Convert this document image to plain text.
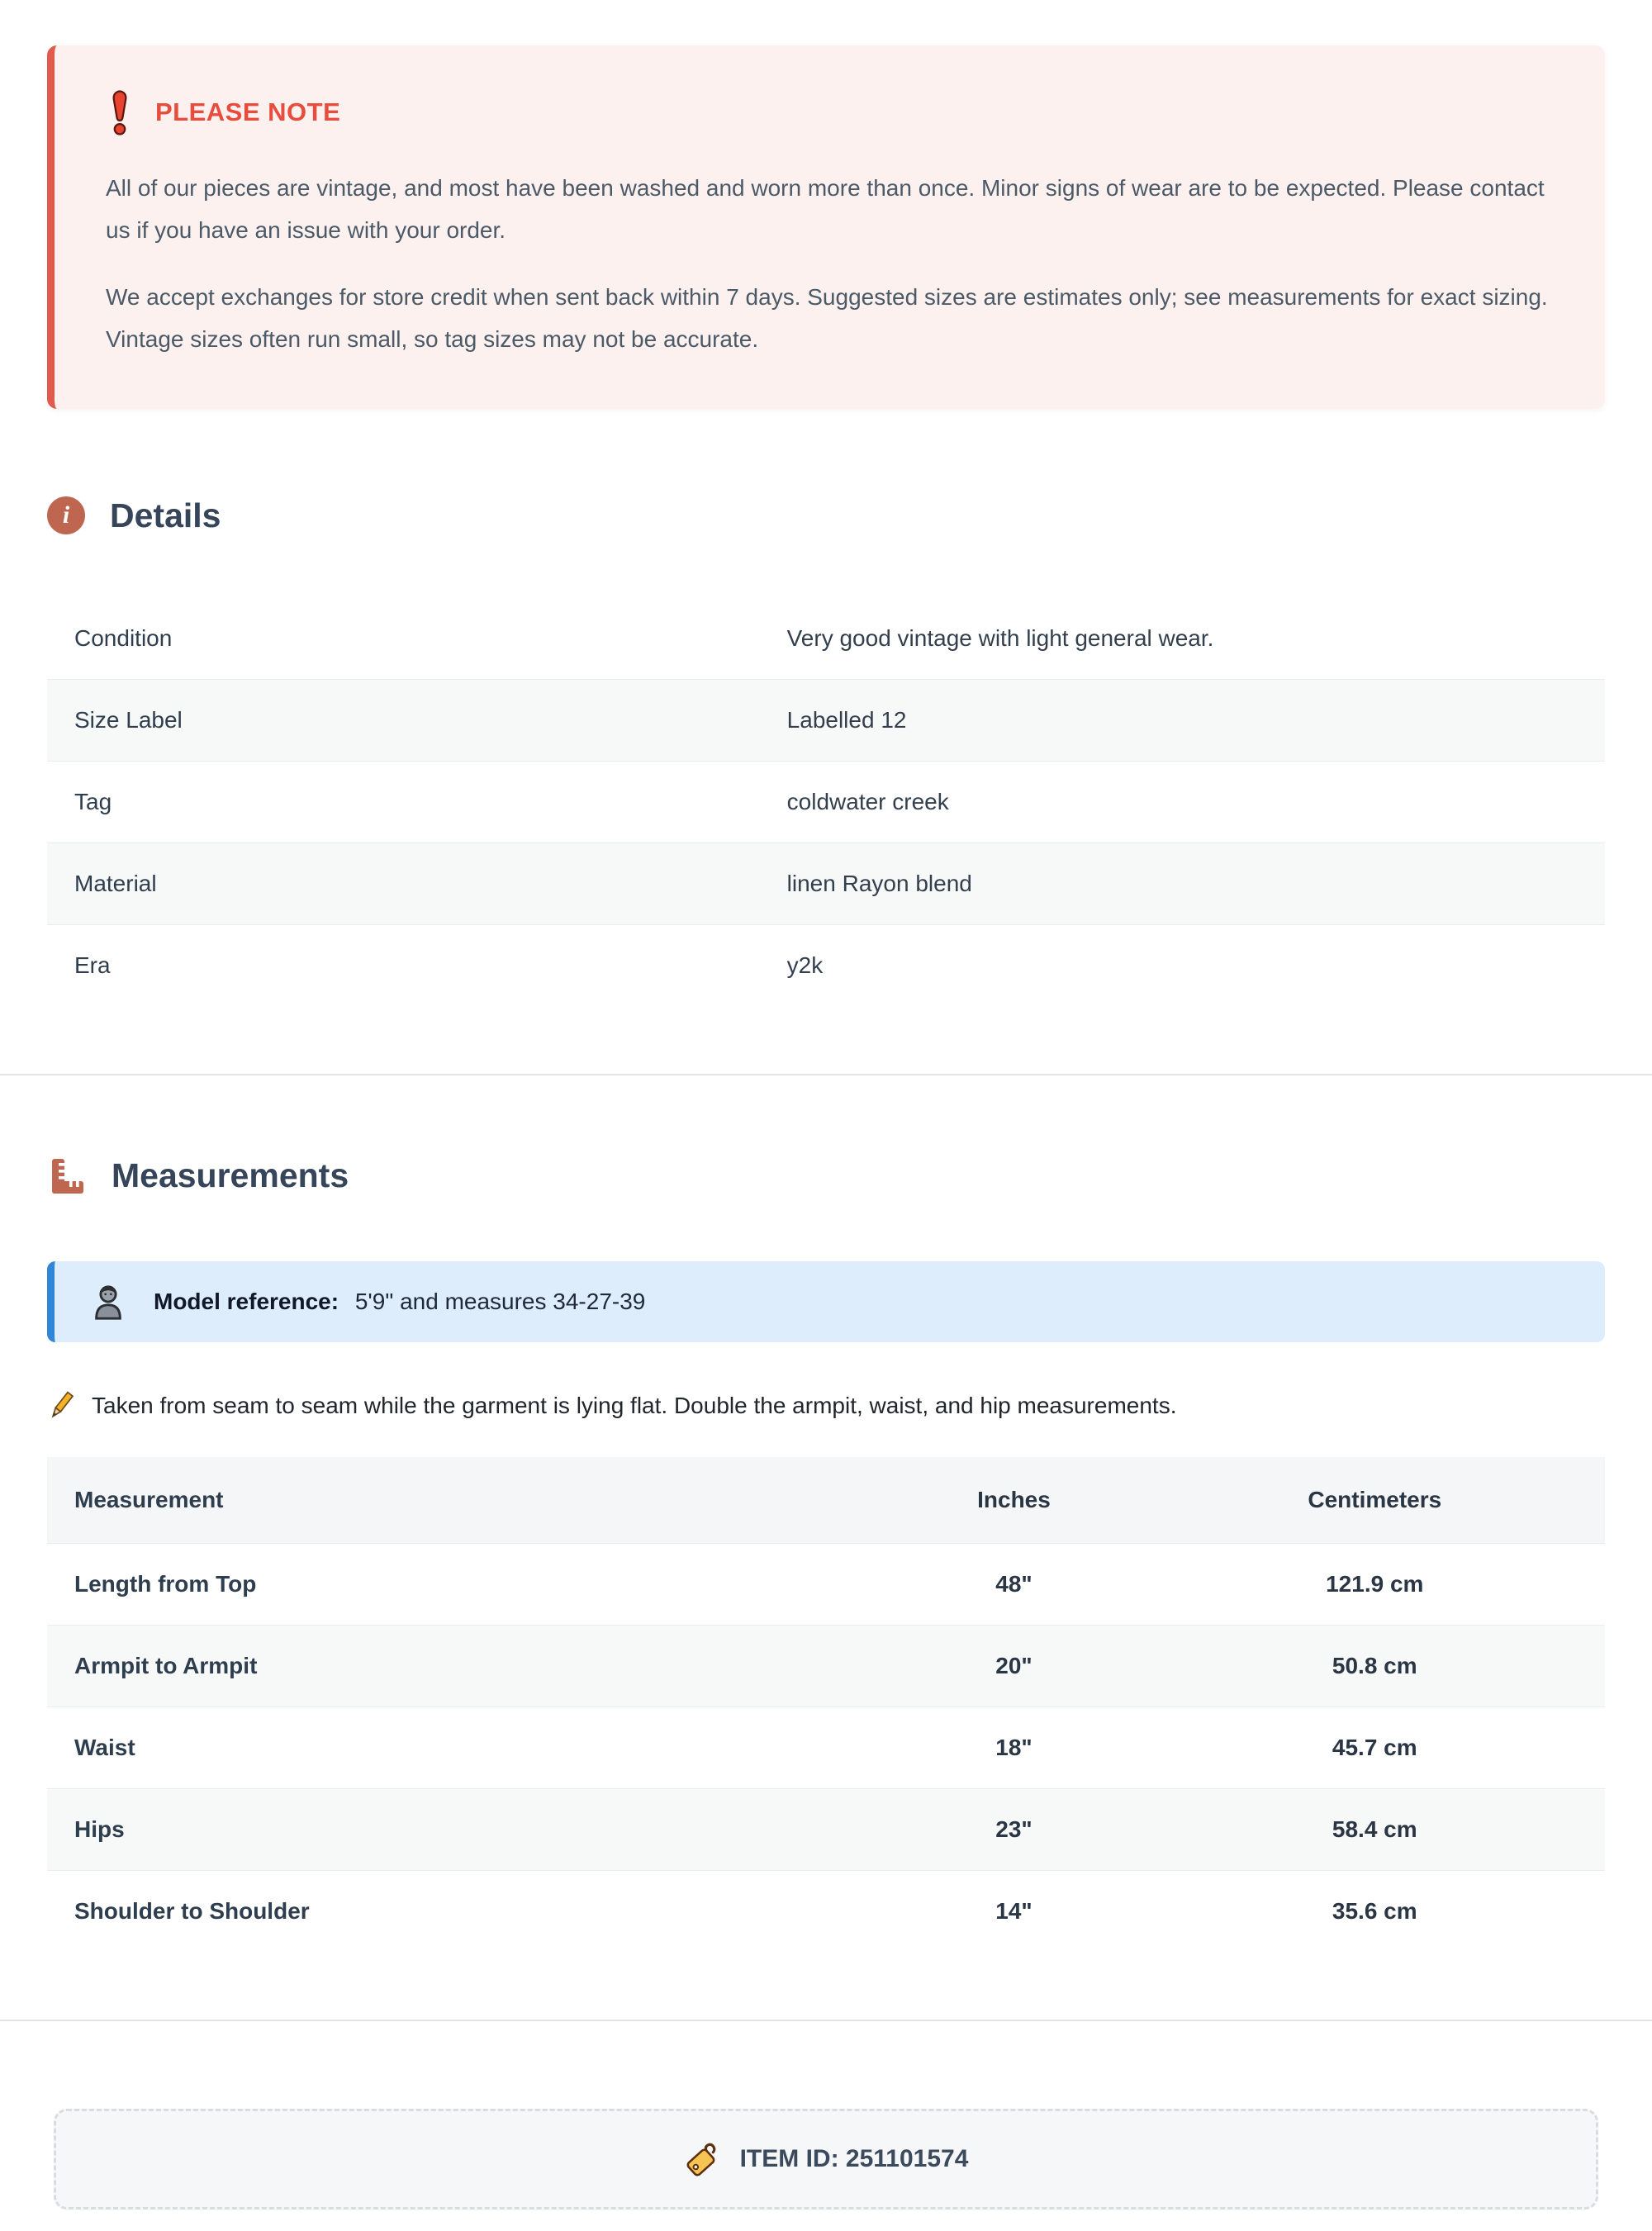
PLEASE NOTE

All of our pieces are vintage, and most have been washed and worn more than once. Minor signs of wear are to be expected. Please contact us if you have an issue with your order.

We accept exchanges for store credit when sent back within 7 days. Suggested sizes are estimates only; see measurements for exact sizing. Vintage sizes often run small, so tag sizes may not be accurate.

i	Details
Condition	Very good vintage with light general wear.
Size Label	Labelled 12
Tag	coldwater creek
Material	linen Rayon blend
Era	y2k
Measurements
Model reference: 5'9" and measures 34-27-39
Taken from seam to seam while the garment is lying flat. Double the armpit, waist, and hip measurements.
Measurement	Inches	Centimeters
Length from Top	48"	121.9 cm
Armpit to Armpit	20"	50.8 cm
Waist	18"	45.7 cm
Hips	23"	58.4 cm
Shoulder to Shoulder	14"	35.6 cm
ITEM ID: 251101574
